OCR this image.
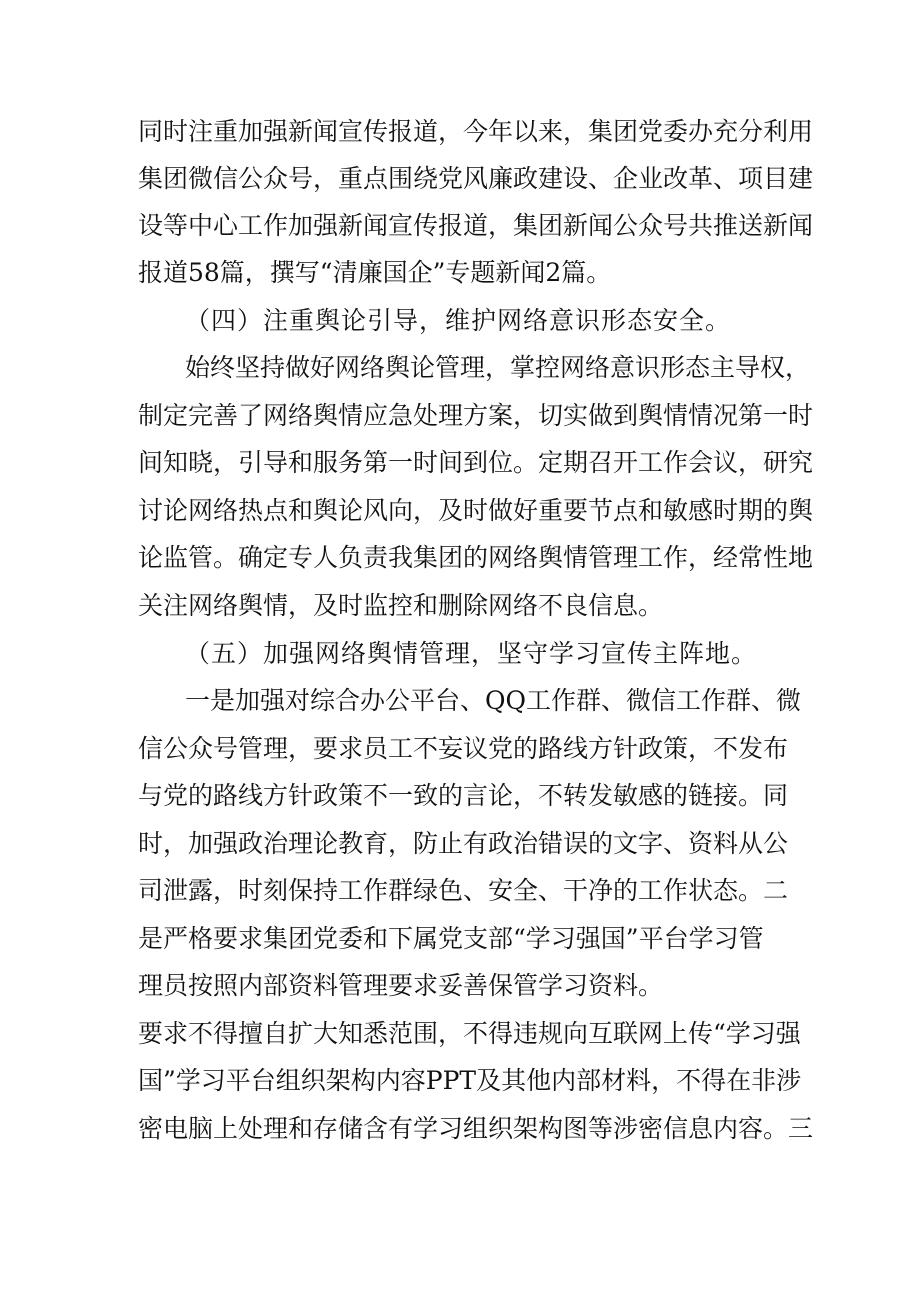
同时注重加强新闻宣传报道，今年以来，集团党委办充分利用
集团微信公众号，重点围绕党风廉政建设、企业改革、项目建
设等中心工作加强新闻宣传报道，集团新闻公众号共推送新闻
报道58篇，撰写“清廉国企”专题新闻2篇。
（四）注重舆论引导，维护网络意识形态安全。
始终坚持做好网络舆论管理，掌控网络意识形态主导权，
制定完善了网络舆情应急处理方案，切实做到舆情情况第一时
间知晓，引导和服务第一时间到位。定期召开工作会议，研究
讨论网络热点和舆论风向，及时做好重要节点和敏感时期的舆
论监管。确定专人负责我集团的网络舆情管理工作，经常性地
关注网络舆情，及时监控和删除网络不良信息。
（五）加强网络舆情管理，坚守学习宣传主阵地。
一是加强对综合办公平台、QQ工作群、微信工作群、微
信公众号管理，要求员工不妄议党的路线方针政策，不发布
与党的路线方针政策不一致的言论，不转发敏感的链接。同
时，加强政治理论教育，防止有政治错误的文字、资料从公
司泄露，时刻保持工作群绿色、安全、干净的工作状态。二
是严格要求集团党委和下属党支部“学习强国”平台学习管
理员按照内部资料管理要求妥善保管学习资料。
要求不得擅自扩大知悉范围，不得违规向互联网上传“学习强
国”学习平台组织架构内容PPT及其他内部材料，不得在非涉
密电脑上处理和存储含有学习组织架构图等涉密信息内容。三
